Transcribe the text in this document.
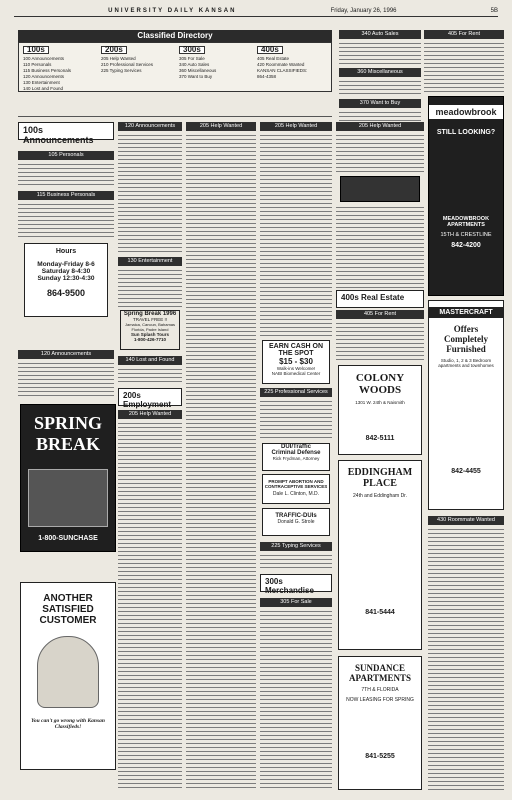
UNIVERSITY DAILY KANSAN	Friday, January 26, 1996	5B
Classified Directory
100s
100 Announcements
110 Personals
115 Business Personals
120 Announcements
130 Entertainment
140 Lost and Found
200s
205 Help Wanted
210 Professional Services
225 Typing Services
300s
305 For Sale
340 Auto Sales
360 Miscellaneous
370 Want to Buy
400s
405 Real Estate
420 Roommate Wanted
KANSAN CLASSIFIEDS:
864-4358
340 Auto Sales	405 For Rent
360 Miscellaneous
370 Want to Buy
100s Announcements
105 Personals
115 Business Personals
Hours
Monday-Friday 8-6
Saturday 8-4:30
Sunday 12:30-4:30
864-9500
120 Announcements
SPRING
BREAK
1-800-SUNCHASE
ANOTHER
SATISFIED
CUSTOMER
You can't go wrong with Kansan Classifieds!
120 Announcements
130 Entertainment
Spring Break 1996
TRAVEL FREE !!
Jamaica, Cancun, Bahamas
Florida, Padre Island
Sun Splash Tours
1-800-426-7710
140 Lost and Found
200s Employment
205 Help Wanted
205 Help Wanted	205 Help Wanted
EARN CASH ON THE SPOT
$15 - $30
Walk-ins Welcome!
NABI Biomedical Center
225 Professional Services
DUI/Traffic
Criminal Defense
Rick Frydman, Attorney
PROMPT ABORTION AND CONTRACEPTIVE SERVICES
Dale L. Clinton, M.D.
TRAFFIC-DUIs
Donald G. Strole
225 Typing Services
300s Merchandise
305 For Sale
205 Help Wanted
405 For Rent
400s Real Estate
COLONY WOODS
1301 W. 24th & Naismith
842-5111
EDDINGHAM PLACE
24th and Eddingham Dr.
841-5444
SUNDANCE APARTMENTS
7TH & FLORIDA
NOW LEASING FOR SPRING
841-5255
meadowbrook
STILL LOOKING?
MEADOWBROOK APARTMENTS
15TH & CRESTLINE
842-4200
MASTERCRAFT
Offers
Completely Furnished
Studio, 1, 2 & 3 Bedroom apartments and townhomes
842-4455
430 Roommate Wanted
